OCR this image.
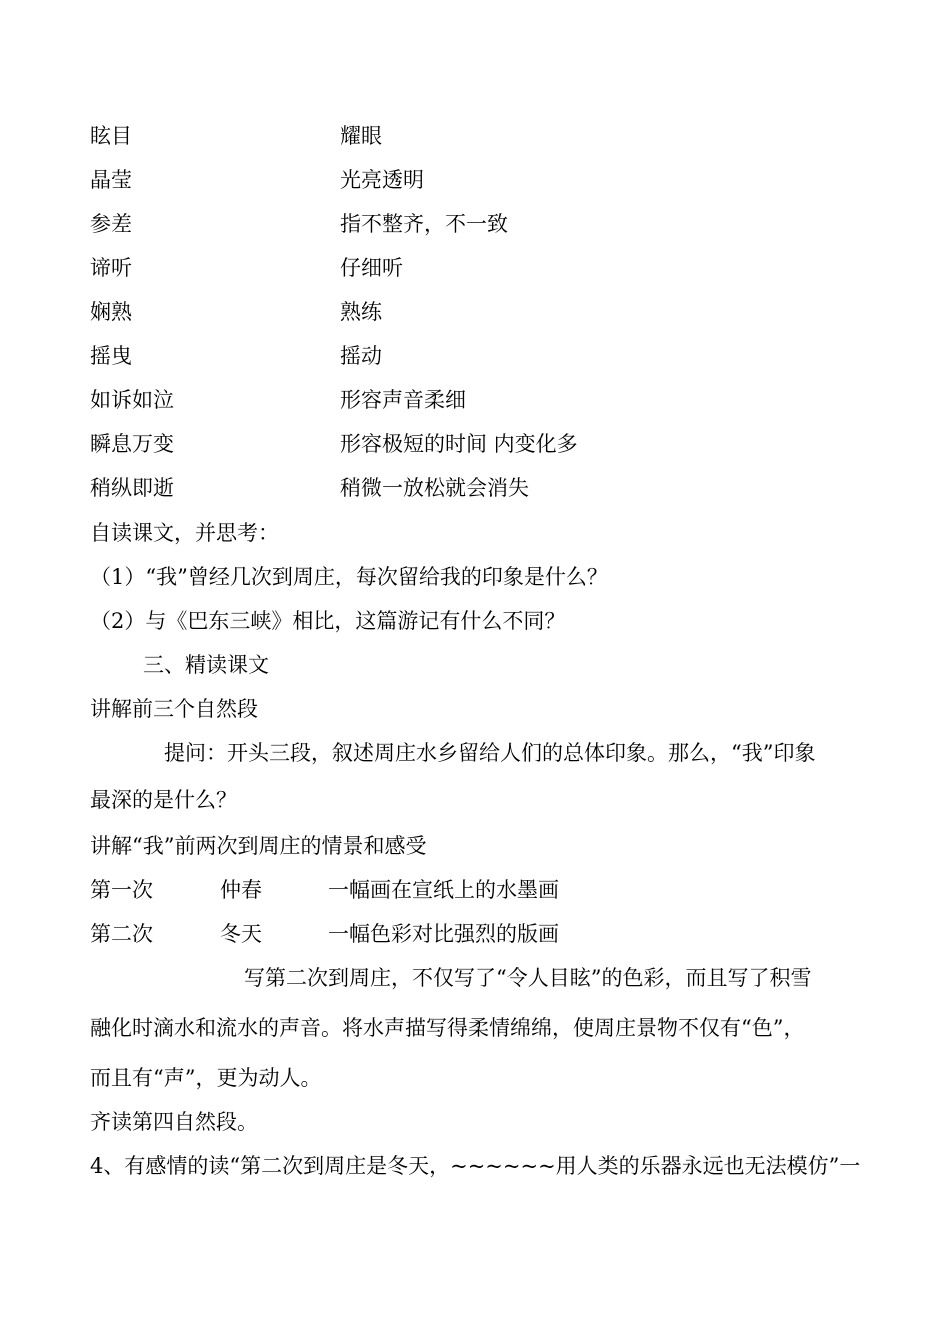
眩目	耀眼
晶莹	光亮透明
参差	指不整齐，不一致
谛听	仔细听
娴熟	熟练
摇曳	摇动
如诉如泣	形容声音柔细
瞬息万变	形容极短的时间 内变化多
稍纵即逝	稍微一放松就会消失
自读课文，并思考：
（1）“我”曾经几次到周庄，每次留给我的印象是什么？
（2）与《巴东三峡》相比，这篇游记有什么不同？
三、精读课文
讲解前三个自然段
提问：开头三段，叙述周庄水乡留给人们的总体印象。那么，“我”印象
最深的是什么？
讲解“我”前两次到周庄的情景和感受
第一次	仲春	一幅画在宣纸上的水墨画
第二次	冬天	一幅色彩对比强烈的版画
写第二次到周庄，不仅写了“令人目眩”的色彩，而且写了积雪
融化时滴水和流水的声音。将水声描写得柔情绵绵，使周庄景物不仅有“色”，
而且有“声”，更为动人。
齐读第四自然段。
4、有感情的读“第二次到周庄是冬天，~~~~~~用人类的乐器永远也无法模仿”一
